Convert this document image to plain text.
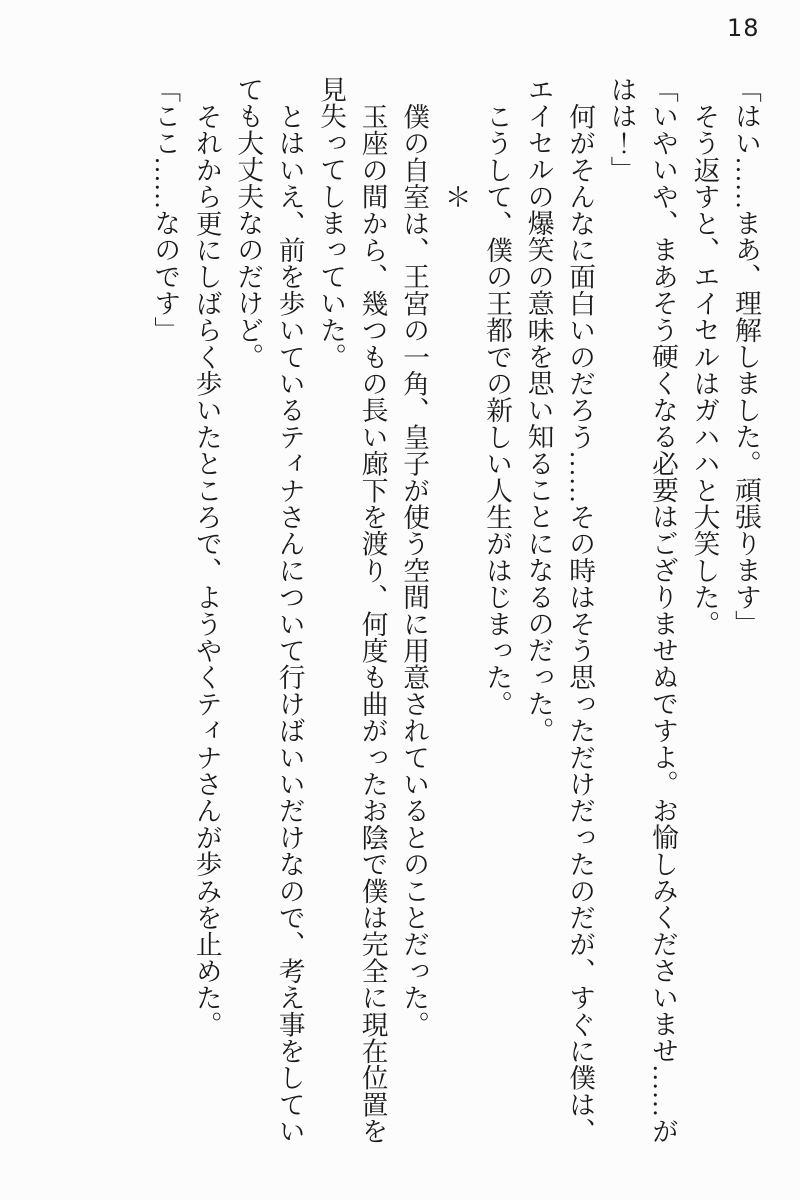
18

「はい……まあ、理解しました。頑張ります」

そう返すと、エイセルはガハハと大笑した。

「いやいや、まあそう硬くなる必要はござりませぬですよ。お愉しみくださいませ……がはは！」

何がそんなに面白いのだろう……その時はそう思っただけだったのだが、すぐに僕は、エイセルの爆笑の意味を思い知ることになるのだった。

こうして、僕の王都での新しい人生がはじまった。

＊

僕の自室は、王宮の一角、皇子が使う空間に用意されているとのことだった。

玉座の間から、幾つもの長い廊下を渡り、何度も曲がったお陰で僕は完全に現在位置を見失ってしまっていた。

とはいえ、前を歩いているティナさんについて行けばいいだけなので、考え事をしていても大丈夫なのだけど。

それから更にしばらく歩いたところで、ようやくティナさんが歩みを止めた。

「ここ……なのです」
